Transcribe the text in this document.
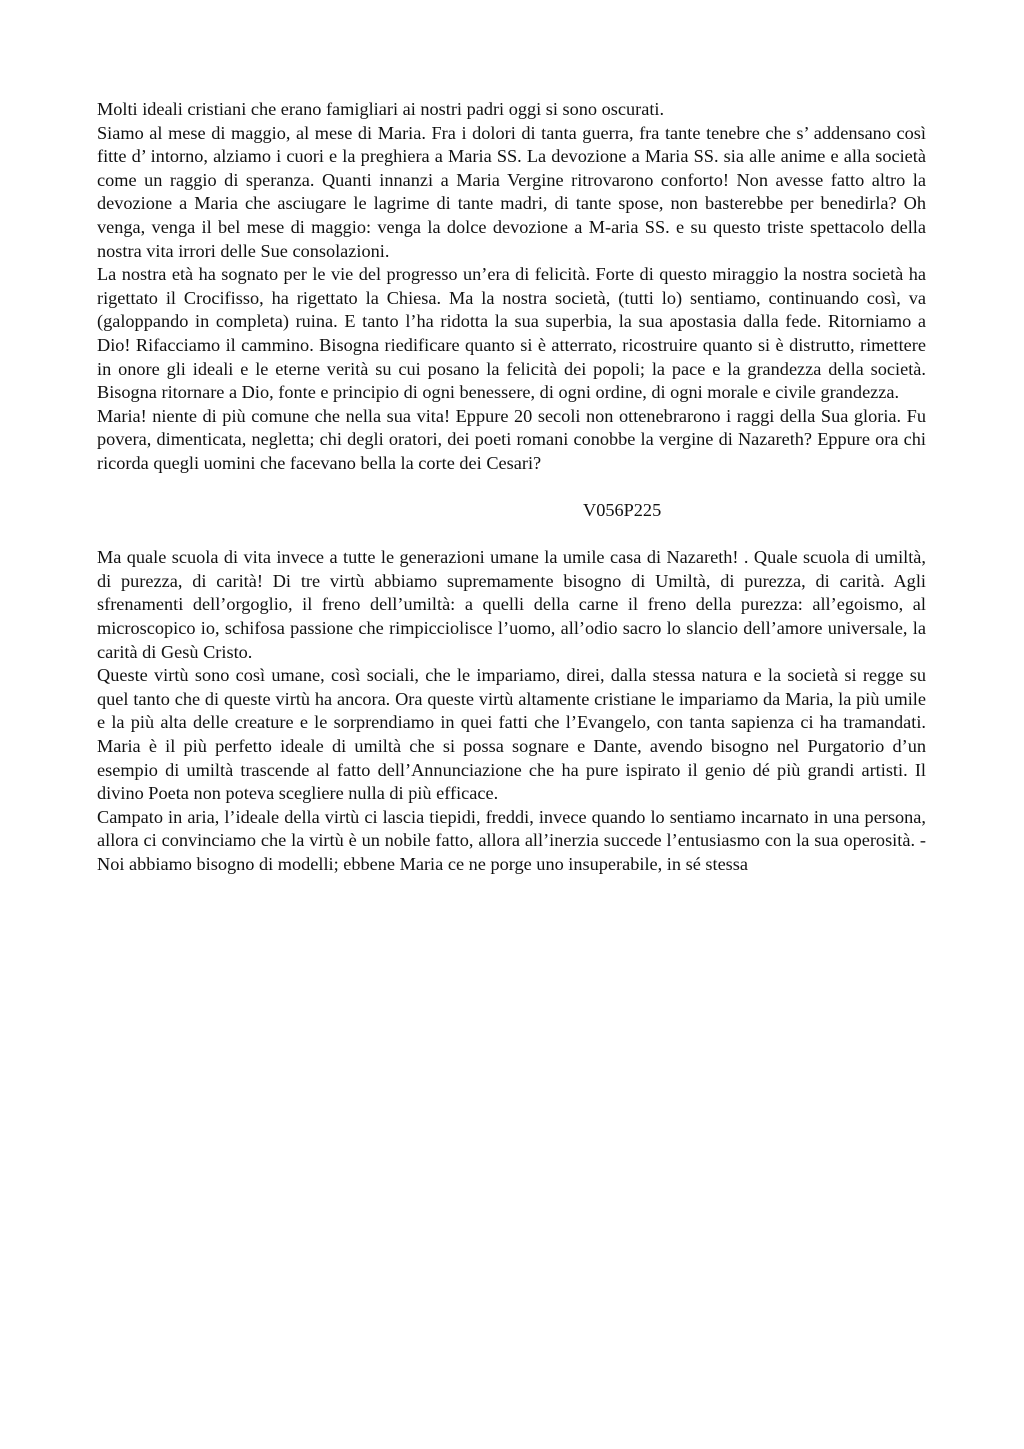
Molti ideali cristiani che erano famigliari ai nostri padri oggi si sono oscurati.

Siamo al mese di maggio, al mese di Maria. Fra i dolori di tanta guerra, fra tante tenebre che s’ addensano così fitte d’ intorno, alziamo i cuori e la preghiera a Maria SS. La devozione a Maria SS. sia alle anime e alla società come un raggio di speranza. Quanti innanzi a Maria Vergine ritrovarono conforto! Non avesse fatto altro la devozione a Maria che asciugare le lagrime di tante madri, di tante spose, non basterebbe per benedirla? Oh venga, venga il bel mese di maggio: venga la dolce devozione a M-aria SS. e su questo triste spettacolo della nostra vita irrori delle Sue consolazioni.

La nostra età ha sognato per le vie del progresso un’era di felicità. Forte di questo miraggio la nostra società ha rigettato il Crocifisso, ha rigettato la Chiesa. Ma la nostra società, (tutti lo) sentiamo, continuando così, va (galoppando in completa) ruina. E tanto l’ha ridotta la sua superbia, la sua apostasia dalla fede. Ritorniamo a Dio! Rifacciamo il cammino. Bisogna riedificare quanto si è atterrato, ricostruire quanto si è distrutto, rimettere in onore gli ideali e le eterne verità su cui posano la felicità dei popoli; la pace e la grandezza della società. Bisogna ritornare a Dio, fonte e principio di ogni benessere, di ogni ordine, di ogni morale e civile grandezza.

Maria! niente di più comune che nella sua vita! Eppure 20 secoli non ottenebrarono i raggi della Sua gloria. Fu povera, dimenticata, negletta; chi degli oratori, dei poeti romani conobbe la vergine di Nazareth? Eppure ora chi ricorda quegli uomini che facevano bella la corte dei Cesari?

V056P225

Ma quale scuola di vita invece a tutte le generazioni umane la umile casa di Nazareth! . Quale scuola di umiltà, di purezza, di carità! Di tre virtù abbiamo supremamente bisogno di Umiltà, di purezza, di carità. Agli sfrenamenti dell’orgoglio, il freno dell’umiltà: a quelli della carne il freno della purezza: all’egoismo, al microscopico io, schifosa passione che rimpicciolisce l’uomo, all’odio sacro lo slancio dell’amore universale, la carità di Gesù Cristo.

Queste virtù sono così umane, così sociali, che le impariamo, direi, dalla stessa natura e la società si regge su quel tanto che di queste virtù ha ancora. Ora queste virtù altamente cristiane le impariamo da Maria, la più umile e la più alta delle creature e le sorprendiamo in quei fatti che l’Evangelo, con tanta sapienza ci ha tramandati. Maria è il più perfetto ideale di umiltà che si possa sognare e Dante, avendo bisogno nel Purgatorio d’un esempio di umiltà trascende al fatto dell’Annunciazione che ha pure ispirato il genio dé più grandi artisti. Il divino Poeta non poteva scegliere nulla di più efficace.

Campato in aria, l’ideale della virtù ci lascia tiepidi, freddi, invece quando lo sentiamo incarnato in una persona, allora ci convinciamo che la virtù è un nobile fatto, allora all’inerzia succede l’entusiasmo con la sua operosità. - Noi abbiamo bisogno di modelli; ebbene Maria ce ne porge uno insuperabile, in sé stessa
